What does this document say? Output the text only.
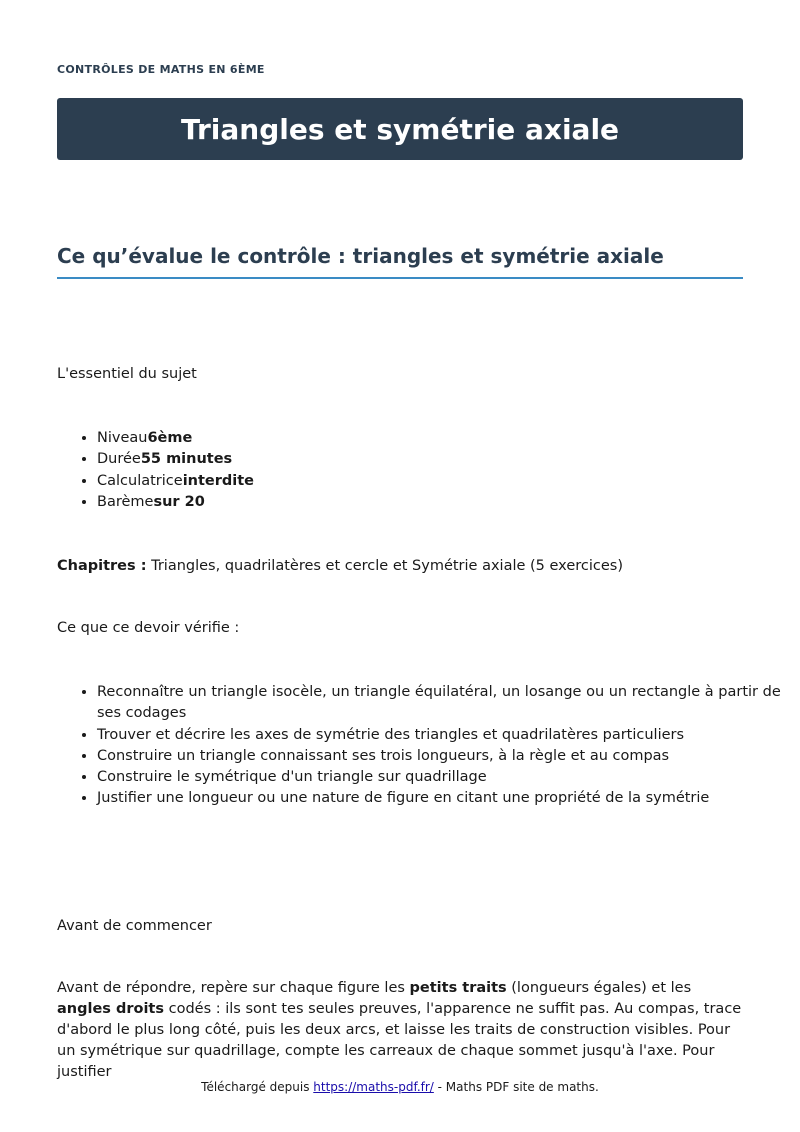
CONTRÔLES DE MATHS EN 6ÈME
Triangles et symétrie axiale
Ce qu’évalue le contrôle : triangles et symétrie axiale

L'essentiel du sujet

• Niveau6ème
• Durée55 minutes
• Calculatriceinterdite
• Barèmesur 20

Chapitres : Triangles, quadrilatères et cercle et Symétrie axiale (5 exercices)

Ce que ce devoir vérifie :

• Reconnaître un triangle isocèle, un triangle équilatéral, un losange ou un rectangle à partir de ses codages
• Trouver et décrire les axes de symétrie des triangles et quadrilatères particuliers
• Construire un triangle connaissant ses trois longueurs, à la règle et au compas
• Construire le symétrique d'un triangle sur quadrillage
• Justifier une longueur ou une nature de figure en citant une propriété de la symétrie

Avant de commencer

Avant de répondre, repère sur chaque figure les petits traits (longueurs égales) et les angles droits codés : ils sont tes seules preuves, l'apparence ne suffit pas. Au compas, trace d'abord le plus long côté, puis les deux arcs, et laisse les traits de construction visibles. Pour un symétrique sur quadrillage, compte les carreaux de chaque sommet jusqu'à l'axe. Pour justifier

Téléchargé depuis https://maths-pdf.fr/ - Maths PDF site de maths.
